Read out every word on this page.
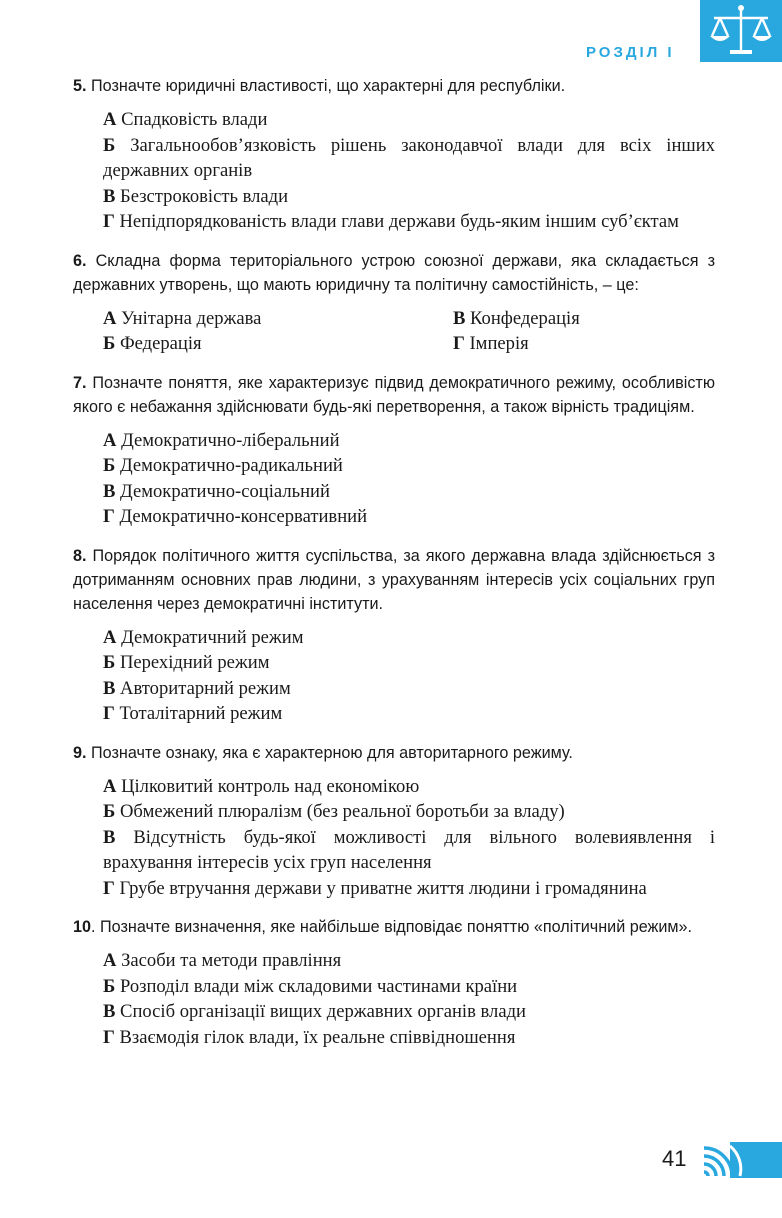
РОЗДІЛ І

5. Позначте юридичні властивості, що характерні для республіки.

А Спадковість влади

Б Загальнообов’язковість рішень законодавчої влади для всіх інших державних органів

В Безстроковість влади

Г Непідпорядкованість влади глави держави будь-яким іншим суб’єктам

6. Складна форма територіального устрою союзної держави, яка складається з державних утворень, що мають юридичну та політичну самостійність, – це:

А Унітарна держава	В Конфедерація
Б Федерація	Г Імперія

7. Позначте поняття, яке характеризує підвид демократичного режиму, особливістю якого є небажання здійснювати будь-які перетворення, а також вірність традиціям.

А Демократично-ліберальний

Б Демократично-радикальний

В Демократично-соціальний

Г Демократично-консервативний

8. Порядок політичного життя суспільства, за якого державна влада здійснюється з дотриманням основних прав людини, з урахуванням інтересів усіх соціальних груп населення через демократичні інститути.

А Демократичний режим

Б Перехідний режим

В Авторитарний режим

Г Тоталітарний режим

9. Позначте ознаку, яка є характерною для авторитарного режиму.

А Цілковитий контроль над економікою

Б Обмежений плюралізм (без реальної боротьби за владу)

В Відсутність будь-якої можливості для вільного волевиявлення і врахування інтересів усіх груп населення

Г Грубе втручання держави у приватне життя людини і громадянина

10. Позначте визначення, яке найбільше відповідає поняттю «політичний режим».

А Засоби та методи правління

Б Розподіл влади між складовими частинами країни

В Спосіб організації вищих державних органів влади

Г Взаємодія гілок влади, їх реальне співвідношення

41
